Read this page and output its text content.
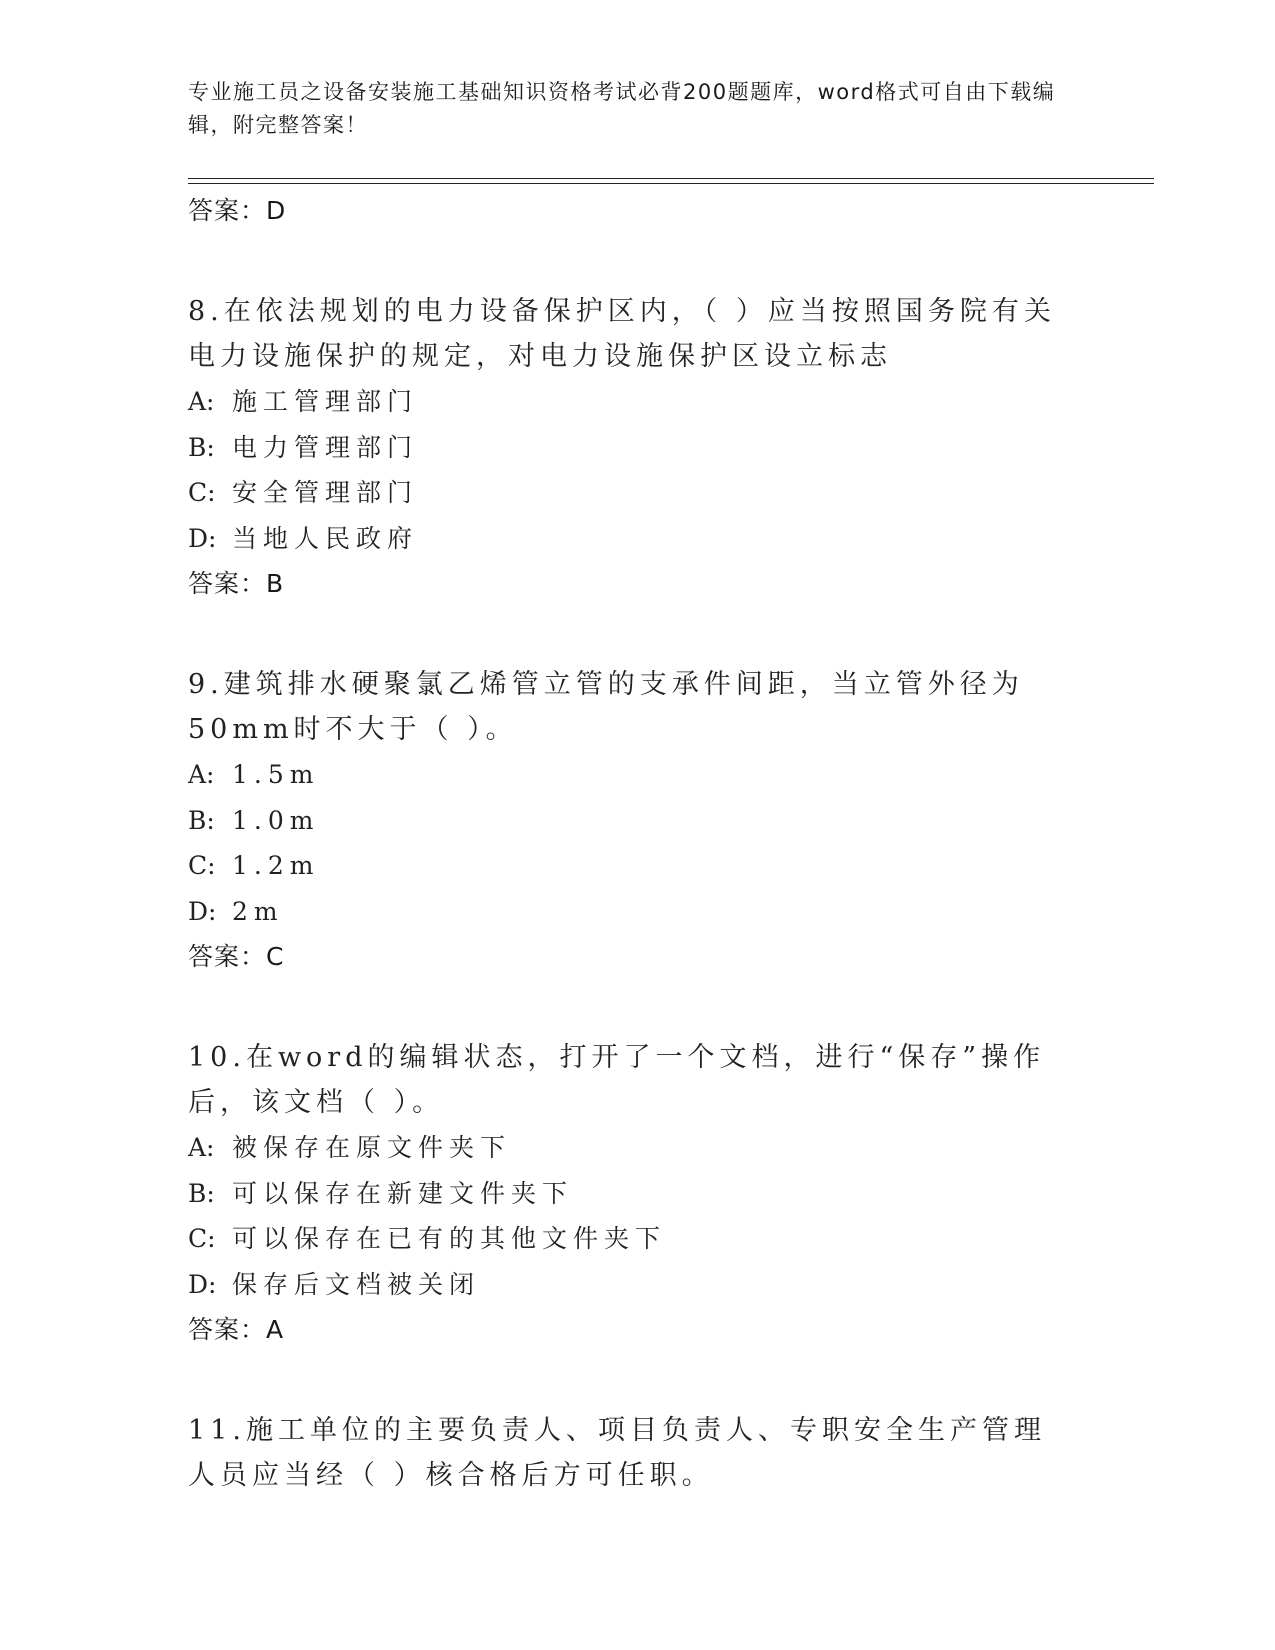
专业施工员之设备安装施工基础知识资格考试必背200题题库，word格式可自由下载编辑，附完整答案！
答案：D
8.在依法规划的电力设备保护区内，（ ）应当按照国务院有关电力设施保护的规定，对电力设施保护区设立标志
A: 施工管理部门
B: 电力管理部门
C: 安全管理部门
D: 当地人民政府
答案：B
9.建筑排水硬聚氯乙烯管立管的支承件间距，当立管外径为50mm时不大于（ ）。
A: 1.5m
B: 1.0m
C: 1.2m
D: 2m
答案：C
10.在word的编辑状态，打开了一个文档，进行“保存”操作后，该文档（ ）。
A: 被保存在原文件夹下
B: 可以保存在新建文件夹下
C: 可以保存在已有的其他文件夹下
D: 保存后文档被关闭
答案：A
11.施工单位的主要负责人、项目负责人、专职安全生产管理人员应当经（ ）核合格后方可任职。
